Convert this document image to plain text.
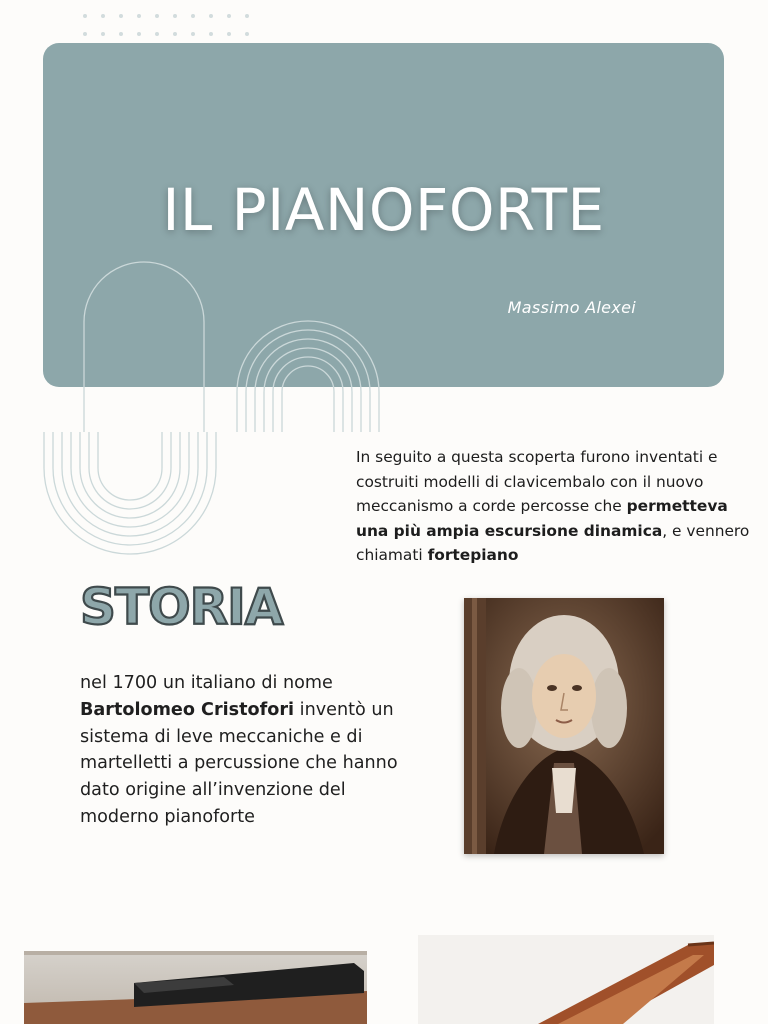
IL PIANOFORTE
Massimo Alexei
In seguito a questa scoperta furono inventati e costruiti modelli di clavicembalo con il nuovo meccanismo a corde percosse che permetteva una più ampia escursione dinamica, e vennero chiamati fortepiano
STORIA
nel 1700 un italiano di nome Bartolomeo Cristofori inventò un sistema di leve meccaniche e di martelletti a percussione che hanno dato origine all’invenzione del moderno pianoforte
